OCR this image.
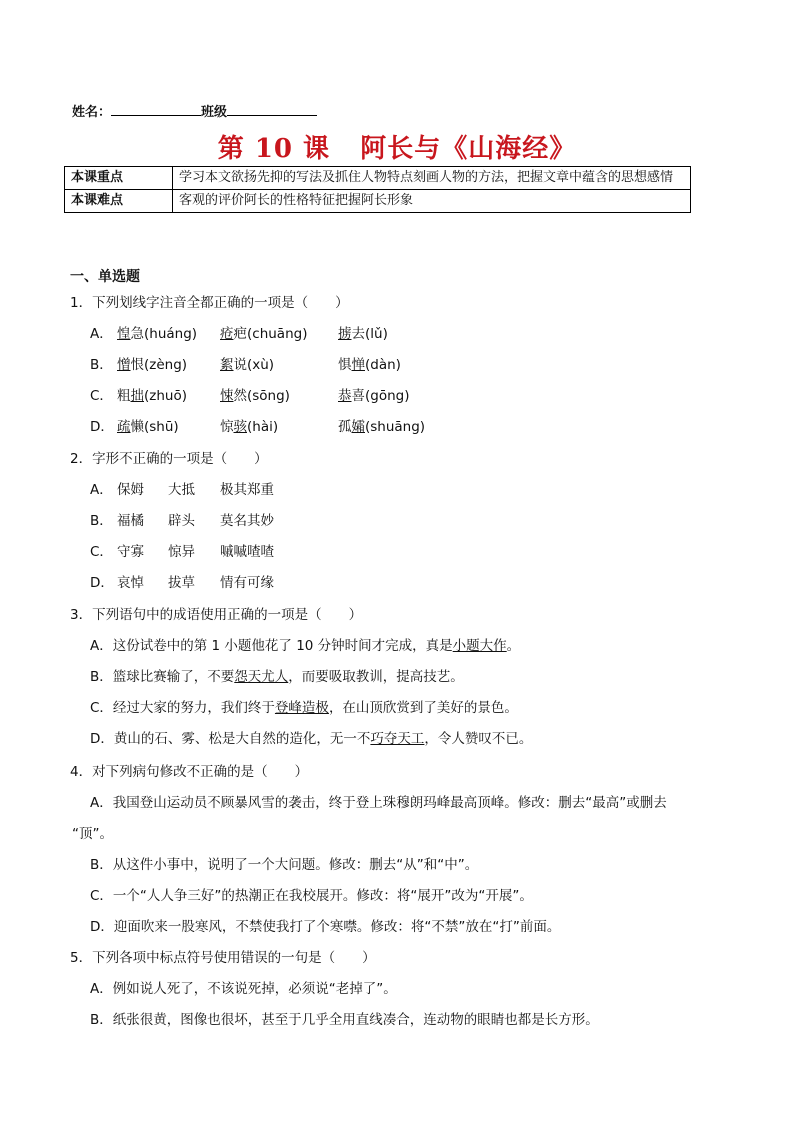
姓名：	班级
第 10 课   阿长与《山海经》
本课重点	学习本文欲扬先抑的写法及抓住人物特点刻画人物的方法，把握文章中蕴含的思想感情
本课难点	客观的评价阿长的性格特征把握阿长形象
一、单选题
1．下列划线字注音全都正确的一项是（　　）
A． 惶急(huáng) 疮疤(chuāng) 掳去(lǔ)
B． 憎恨(zèng) 絮说(xù)	惧惮(dàn)
C． 粗拙(zhuō) 悚然(sōng)	恭喜(gōng)
D． 疏懒(shū)	惊骇(hài)	孤孀(shuāng)
2．字形不正确的一项是（　　）
A． 保姆 大抵 极其郑重
B． 福橘 辟头 莫名其妙
C． 守寡 惊异 嘁嘁喳喳
D． 哀悼 拔草 情有可缘
3．下列语句中的成语使用正确的一项是（　　）
A．这份试卷中的第 1 小题他花了 10 分钟时间才完成，真是小题大作。
B．篮球比赛输了，不要怨天尤人，而要吸取教训，提高技艺。
C．经过大家的努力，我们终于登峰造极，在山顶欣赏到了美好的景色。
D．黄山的石、雾、松是大自然的造化，无一不巧夺天工，令人赞叹不已。
4．对下列病句修改不正确的是（　　）
A．我国登山运动员不顾暴风雪的袭击，终于登上珠穆朗玛峰最高顶峰。修改：删去“最高”或删去
“顶”。
B．从这件小事中，说明了一个大问题。修改：删去“从”和“中”。
C．一个“人人争三好”的热潮正在我校展开。修改：将“展开”改为“开展”。
D．迎面吹来一股寒风，不禁使我打了个寒噤。修改：将“不禁”放在“打”前面。
5．下列各项中标点符号使用错误的一句是（　　）
A．例如说人死了，不该说死掉，必须说“老掉了”。
B．纸张很黄，图像也很坏，甚至于几乎全用直线凑合，连动物的眼睛也都是长方形。
